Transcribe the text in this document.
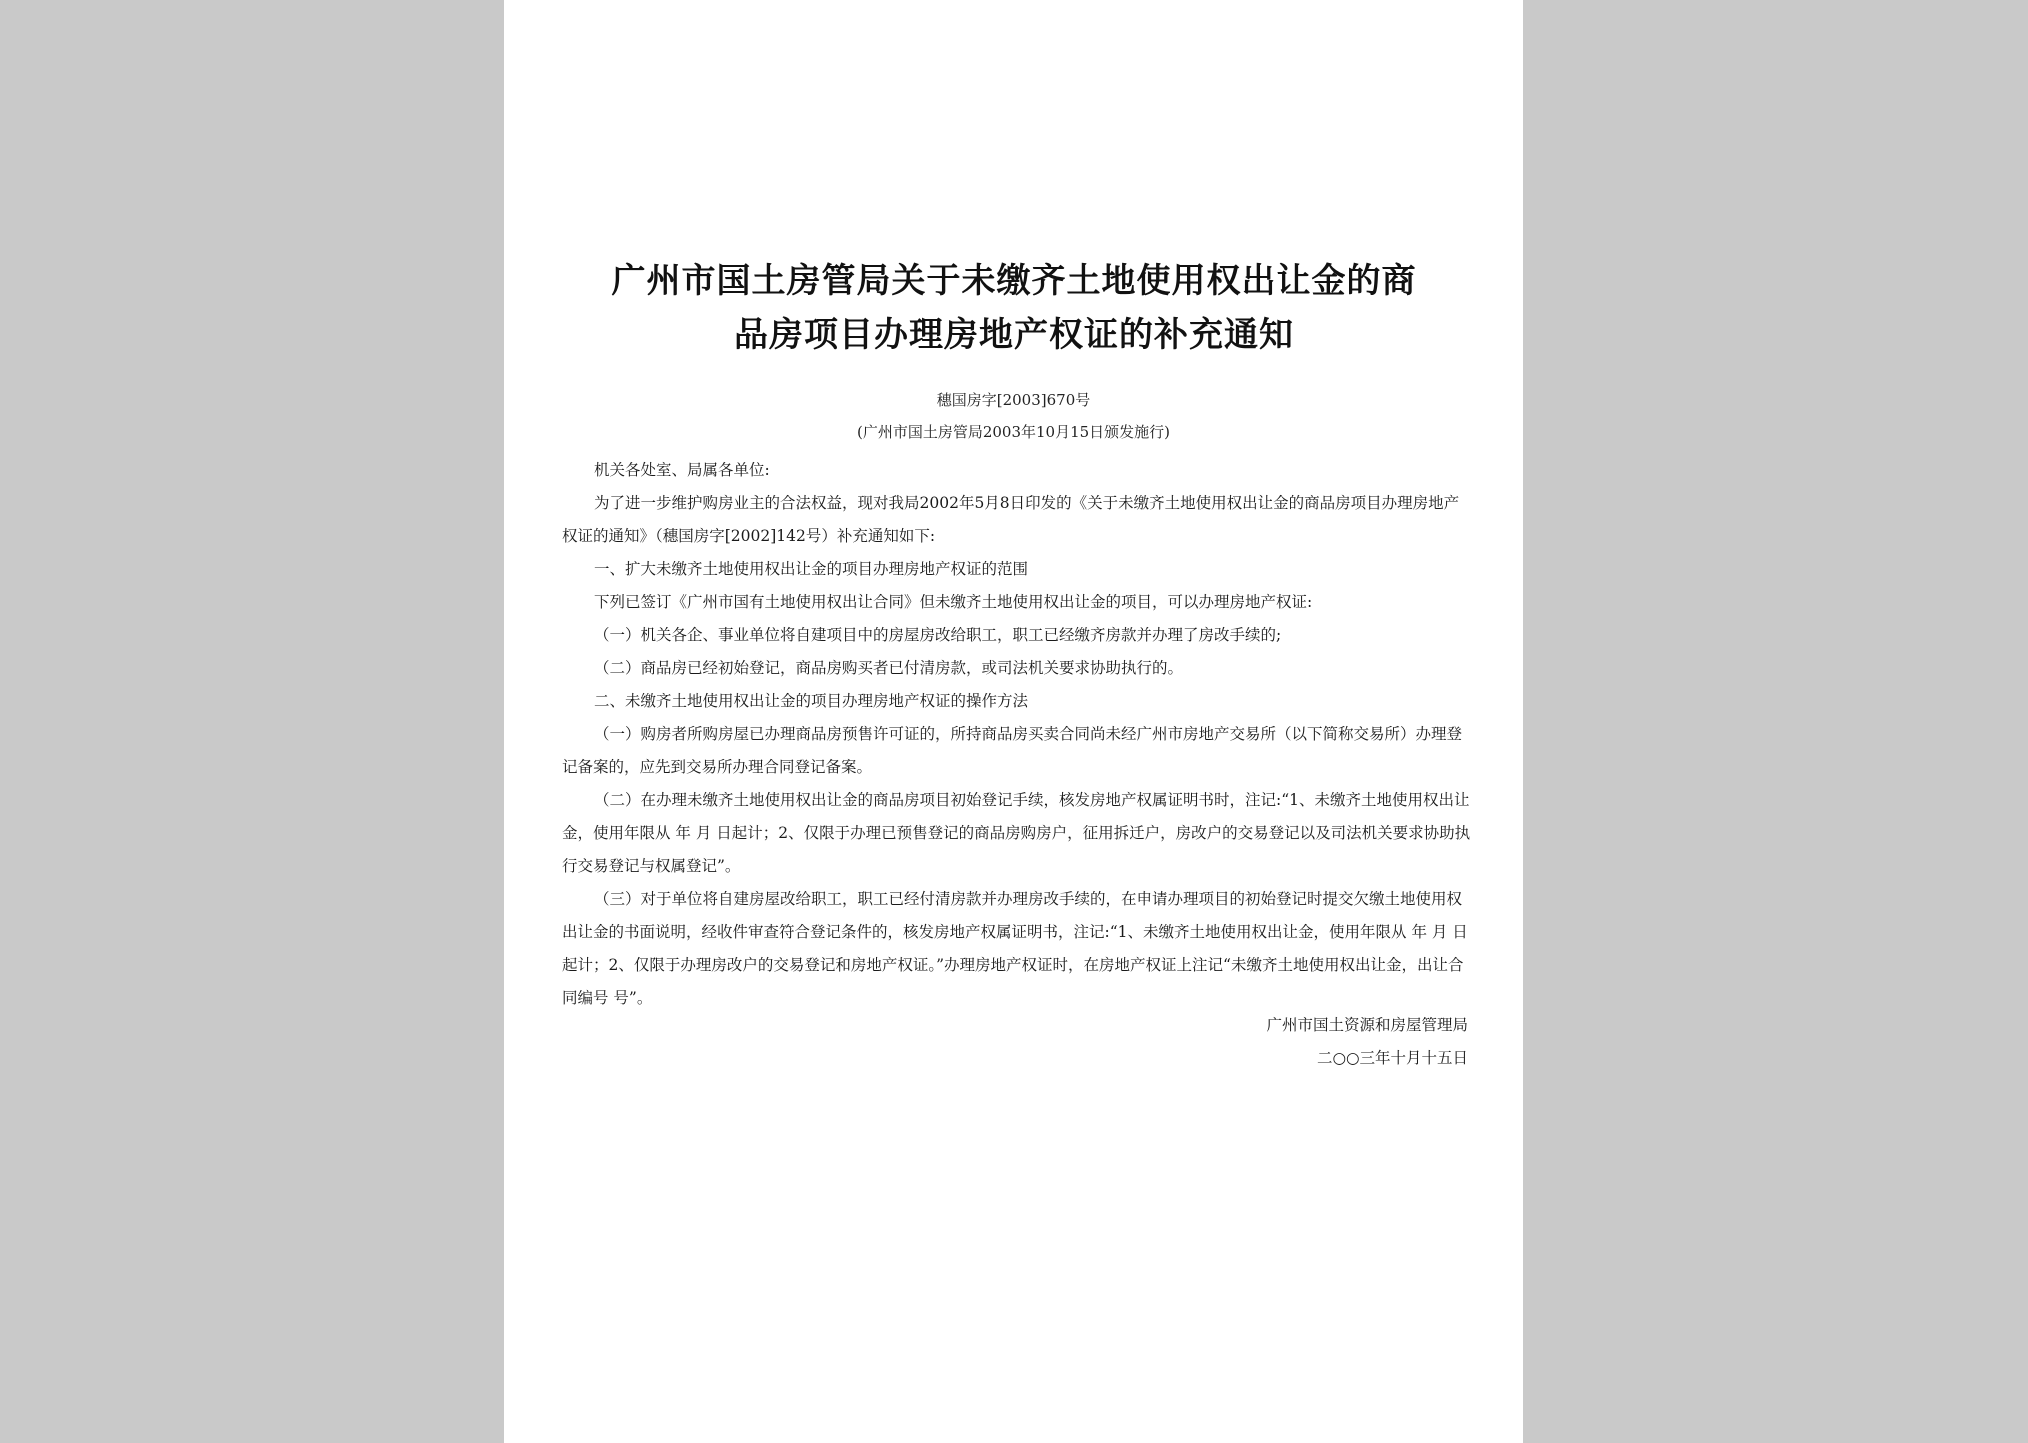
广州市国土房管局关于未缴齐土地使用权出让金的商
品房项目办理房地产权证的补充通知
穗国房字[2003]670号
(广州市国土房管局2003年10月15日颁发施行)

机关各处室、局属各单位:

为了进一步维护购房业主的合法权益，现对我局2002年5月8日印发的《关于未缴齐土地使用权出让金的商品房项目办理房地产权证的通知》（穗国房字[2002]142号）补充通知如下:

一、扩大未缴齐土地使用权出让金的项目办理房地产权证的范围

下列已签订《广州市国有土地使用权出让合同》但未缴齐土地使用权出让金的项目，可以办理房地产权证:

（一）机关各企、事业单位将自建项目中的房屋房改给职工，职工已经缴齐房款并办理了房改手续的;

（二）商品房已经初始登记，商品房购买者已付清房款，或司法机关要求协助执行的。

二、未缴齐土地使用权出让金的项目办理房地产权证的操作方法

（一）购房者所购房屋已办理商品房预售许可证的，所持商品房买卖合同尚未经广州市房地产交易所（以下简称交易所）办理登记备案的，应先到交易所办理合同登记备案。

（二）在办理未缴齐土地使用权出让金的商品房项目初始登记手续，核发房地产权属证明书时，注记:“1、未缴齐土地使用权出让金，使用年限从 年 月 日起计；2、仅限于办理已预售登记的商品房购房户，征用拆迁户，房改户的交易登记以及司法机关要求协助执行交易登记与权属登记”。

（三）对于单位将自建房屋改给职工，职工已经付清房款并办理房改手续的，在申请办理项目的初始登记时提交欠缴土地使用权出让金的书面说明，经收件审查符合登记条件的，核发房地产权属证明书，注记:“1、未缴齐土地使用权出让金，使用年限从 年 月 日起计；2、仅限于办理房改户的交易登记和房地产权证。”办理房地产权证时，在房地产权证上注记“未缴齐土地使用权出让金，出让合同编号 号”。

广州市国土资源和房屋管理局
二○○三年十月十五日
